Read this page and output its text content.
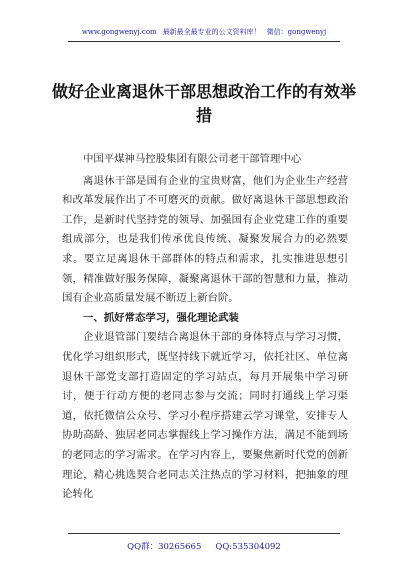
www.gongwenyj.com 最新最全最专业的公文资料库！ 微信：gongwenyj
做好企业离退休干部思想政治工作的有效举措

中国平煤神马控股集团有限公司老干部管理中心

离退休干部是国有企业的宝贵财富，他们为企业生产经营和改革发展作出了不可磨灭的贡献。做好离退休干部思想政治工作，是新时代坚持党的领导、加强国有企业党建工作的重要组成部分，也是我们传承优良传统、凝聚发展合力的必然要求。要立足离退休干部群体的特点和需求，扎实推进思想引领，精准做好服务保障，凝聚离退休干部的智慧和力量，推动国有企业高质量发展不断迈上新台阶。

一、抓好常态学习，强化理论武装

企业退管部门要结合离退休干部的身体特点与学习习惯，优化学习组织形式，既坚持线下就近学习，依托社区、单位离退休干部党支部打造固定的学习站点，每月开展集中学习研讨，便于行动方便的老同志参与交流；同时打通线上学习渠道，依托微信公众号、学习小程序搭建云学习课堂，安排专人协助高龄、独居老同志掌握线上学习操作方法，满足不能到场的老同志的学习需求。在学习内容上，要聚焦新时代党的创新理论，精心挑选契合老同志关注热点的学习材料，把抽象的理论转化

QQ群：30265665 QQ:535304092
